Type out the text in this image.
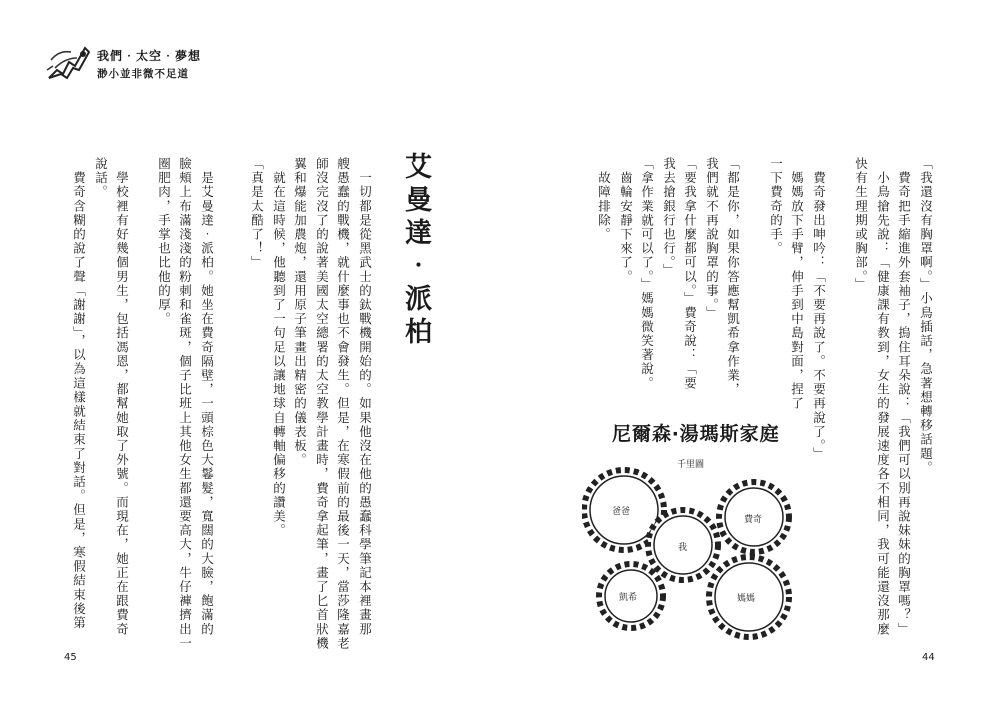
我們‧太空‧夢想
渺小並非微不足道
艾曼達‧派柏
　一切都是從黑武士的鈦戰機開始的。如果他沒在他的愚蠢科學筆記本裡畫那
艘愚蠢的戰機，就什麼事也不會發生。但是，在寒假前的最後一天，當莎隆嘉老
師沒完沒了的說著美國太空總署的太空教學計畫時，費奇拿起筆，畫了匕首狀機
翼和爆能加農炮，還用原子筆畫出精密的儀表板。
　就在這時候，他聽到了一句足以讓地球自轉軸偏移的讚美。
「真是太酷了！」
　是艾曼達‧派柏。她坐在費奇隔壁，一頭棕色大鬈髮，寬闊的大臉，飽滿的
臉頰上布滿淺淺的粉刺和雀斑，個子比班上其他女生都還要高大，牛仔褲擠出一
圈肥肉，手掌也比他的厚。
　學校裡有好幾個男生，包括馮恩，都幫她取了外號。而現在，她正在跟費奇
說話。
　費奇含糊的說了聲「謝謝」，以為這樣就結束了對話。但是，寒假結束後第
45
「我還沒有胸罩啊。」小鳥插話，急著想轉移話題。
　費奇把手縮進外套袖子，摀住耳朵說：「我們可以別再說妹妹的胸罩嗎？」
　小鳥搶先說：「健康課有教到，女生的發展速度各不相同，我可能還沒那麼
快有生理期或胸部。」
　費奇發出呻吟：「不要再說了。不要再說了。」
　媽媽放下手臂，伸手到中島對面，捏了
一下費奇的手。
「都是你，如果你答應幫凱希拿作業，
我們就不再說胸罩的事。」
「要我拿什麼都可以。」費奇說：「要
我去搶銀行也行。」
「拿作業就可以了。」媽媽微笑著說。
　齒輪安靜下來了。
　故障排除。
尼爾森‧湯瑪斯家庭
千里圖
爸爸
費奇
我
凱希	媽媽
44
